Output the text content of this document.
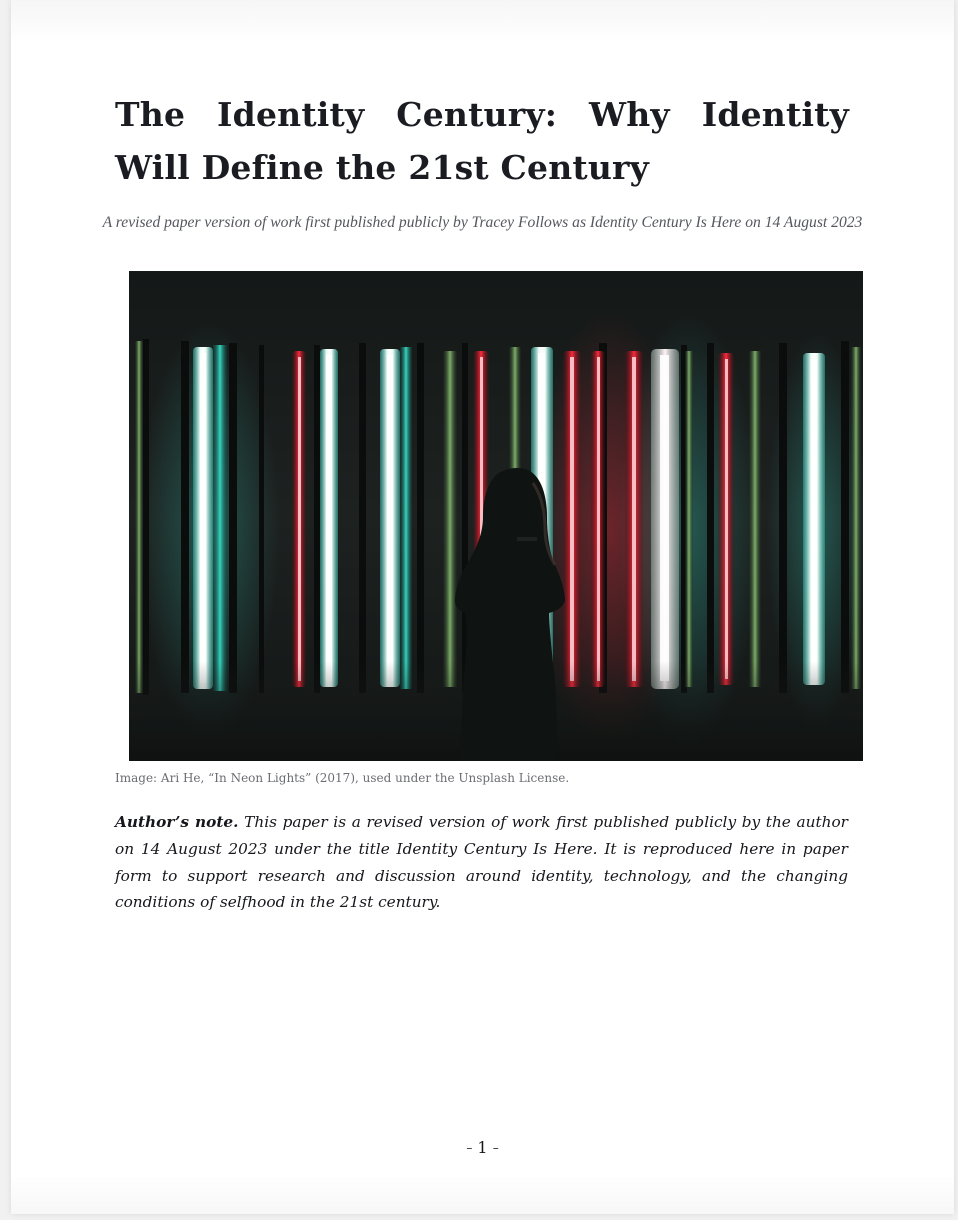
The Identity Century: Why Identity Will Define the 21st Century

A revised paper version of work first published publicly by Tracey Follows as Identity Century Is Here on 14 August 2023

Image: Ari He, “In Neon Lights” (2017), used under the Unsplash License.

Author’s note. This paper is a revised version of work first published publicly by the author on 14 August 2023 under the title Identity Century Is Here. It is reproduced here in paper form to support research and discussion around identity, technology, and the changing conditions of selfhood in the 21st century.

– 1 –
